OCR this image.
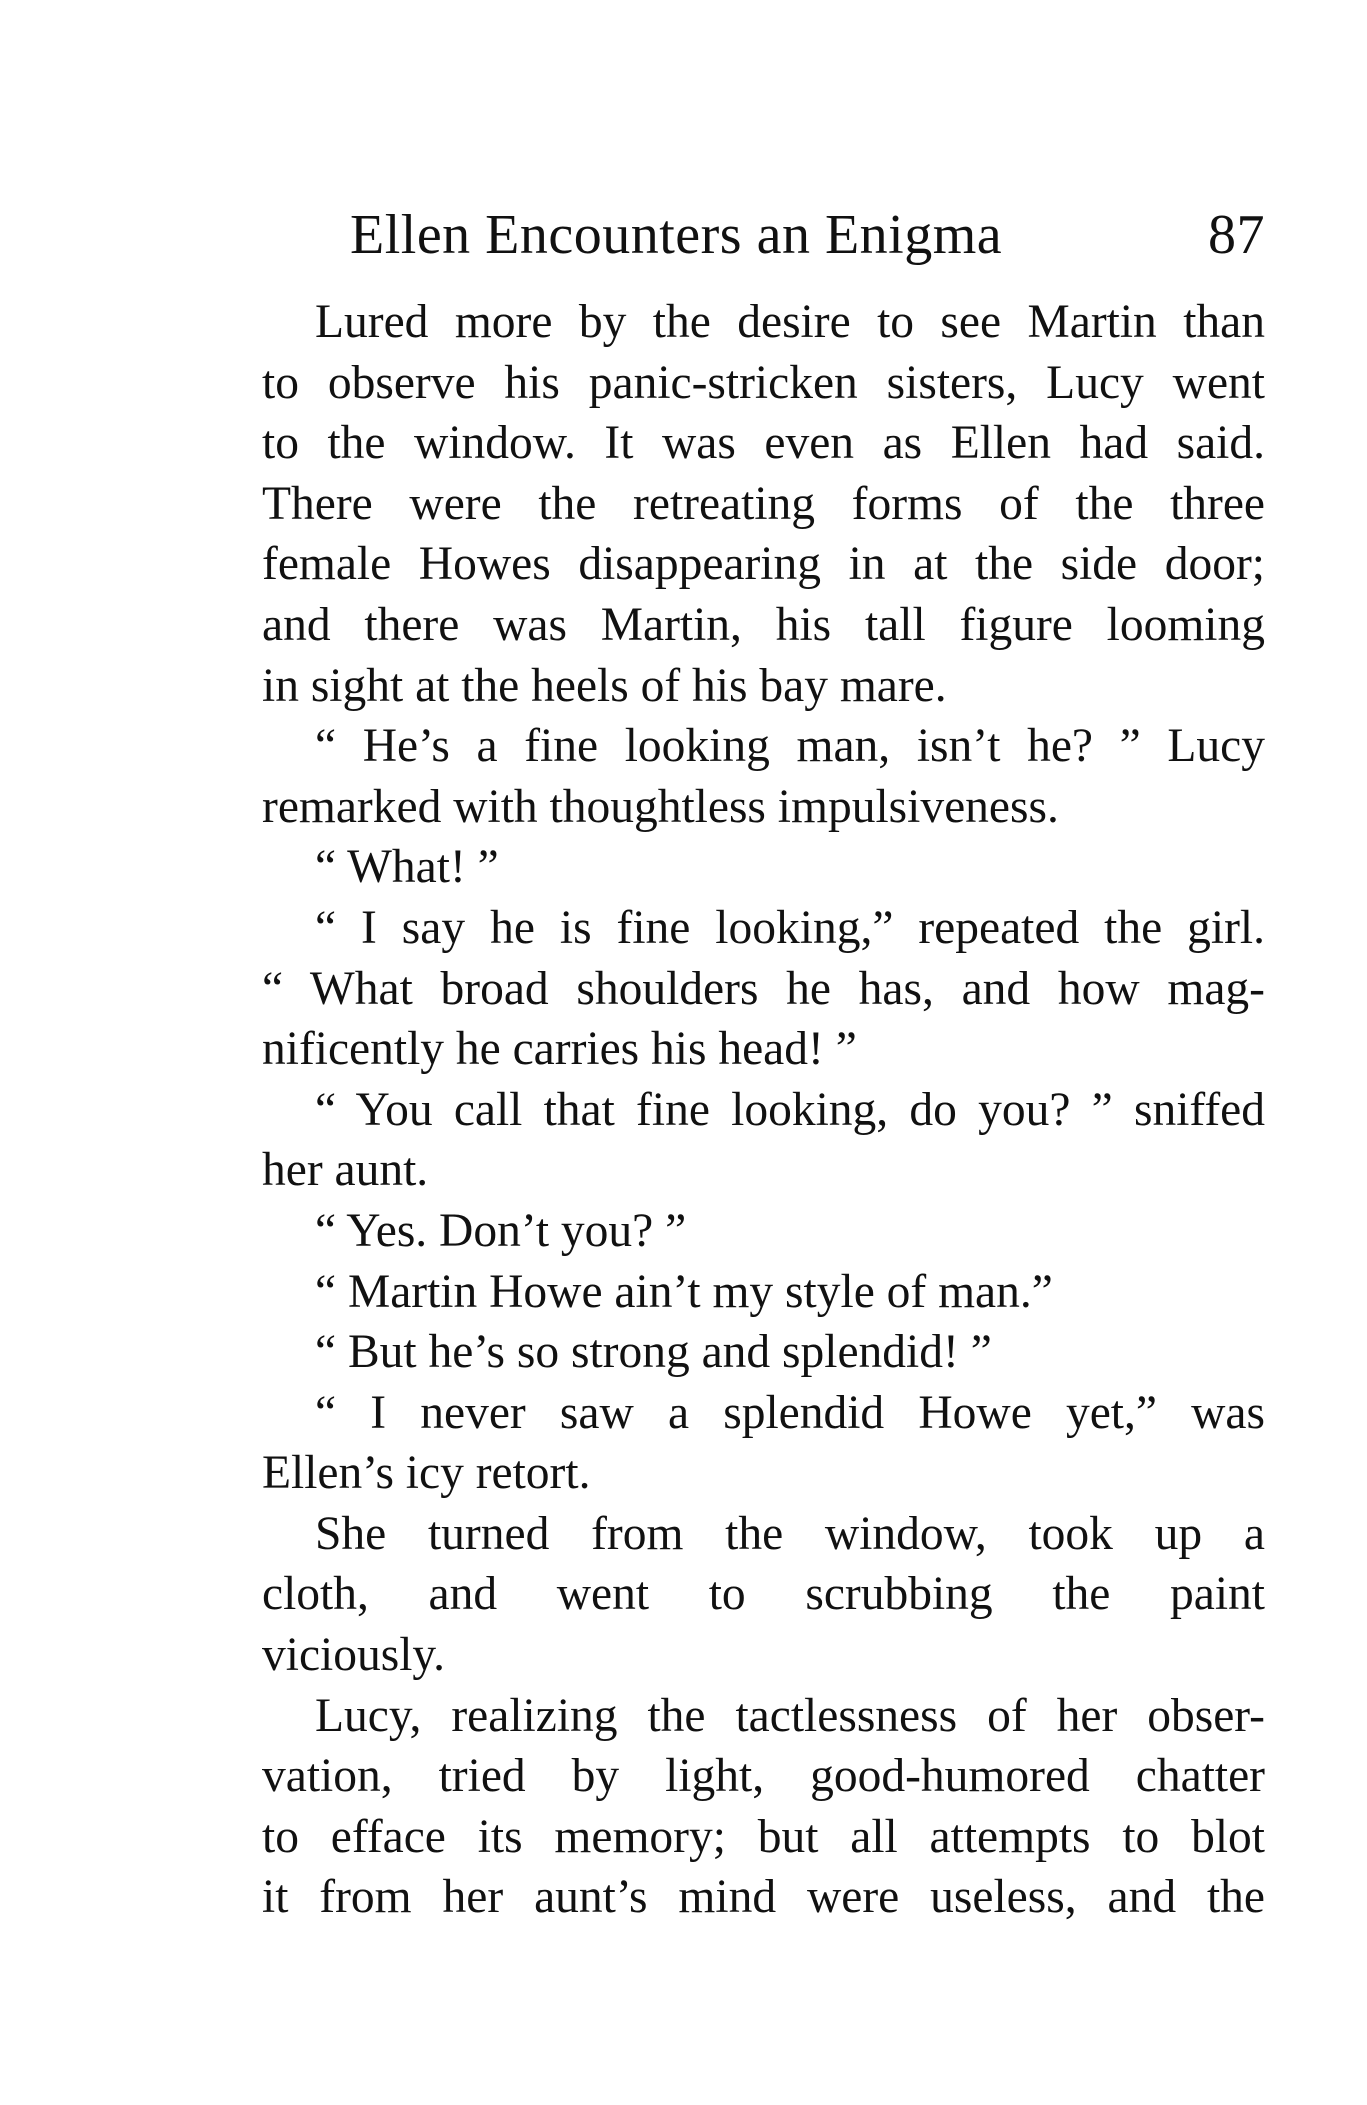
Ellen Encounters an Enigma	87
Lured more by the desire to see Martin than
to observe his panic-stricken sisters, Lucy went
to the window. It was even as Ellen had said.
There were the retreating forms of the three
female Howes disappearing in at the side door;
and there was Martin, his tall figure looming
in sight at the heels of his bay mare.
“ He’s a fine looking man, isn’t he? ” Lucy
remarked with thoughtless impulsiveness.
“ What! ”
“ I say he is fine looking,” repeated the girl.
“ What broad shoulders he has, and how mag-
nificently he carries his head! ”
“ You call that fine looking, do you? ” sniffed
her aunt.
“ Yes. Don’t you? ”
“ Martin Howe ain’t my style of man.”
“ But he’s so strong and splendid! ”
“ I never saw a splendid Howe yet,” was
Ellen’s icy retort.
She turned from the window, took up a
cloth, and went to scrubbing the paint
viciously.
Lucy, realizing the tactlessness of her obser-
vation, tried by light, good-humored chatter
to efface its memory; but all attempts to blot
it from her aunt’s mind were useless, and the
